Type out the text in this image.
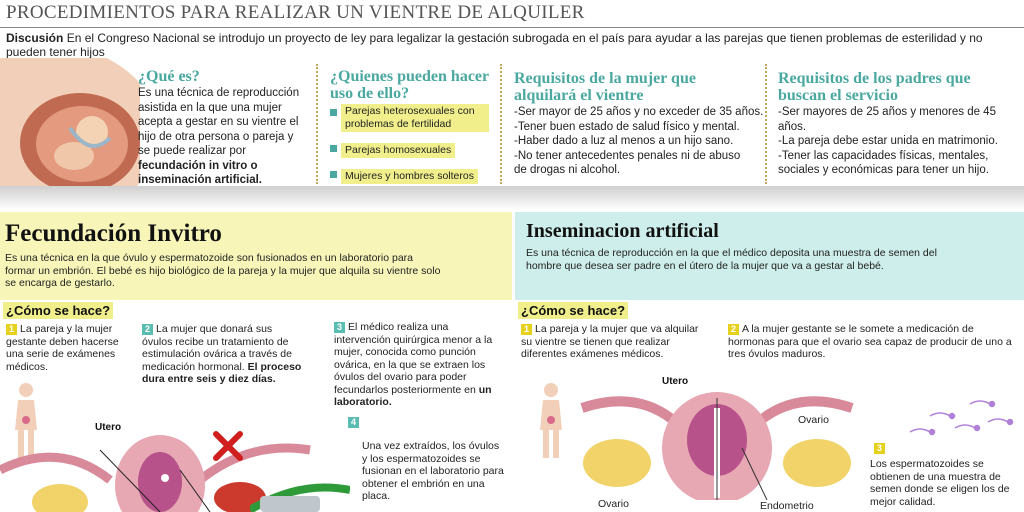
PROCEDIMIENTOS PARA REALIZAR UN VIENTRE DE ALQUILER
Discusión En el Congreso Nacional se introdujo un proyecto de ley para legalizar la gestación subrogada en el país para ayudar a las parejas que tienen problemas de esterilidad y no pueden tener hijos
¿Qué es?
Es una técnica de reproducción asistida en la que una mujer acepta a gestar en su vientre el hijo de otra persona o pareja y se puede realizar por fecundación in vitro o inseminación artificial.
¿Quienes pueden hacer uso de ello?
Parejas heterosexuales con problemas de fertilidad
Parejas homosexuales
Mujeres y hombres solteros
Requisitos de la mujer que alquilará el vientre
-Ser mayor de 25 años y no exceder de 35 años.
-Tener buen estado de salud físico y mental.
-Haber dado a luz al menos a un hijo sano.
-No tener antecedentes penales ni de abuso de drogas ni alcohol.
Requisitos de los padres que buscan el servicio
-Ser mayores de 25 años y menores de 45 años.
-La pareja debe estar unida en matrimonio.
-Tener las capacidades físicas, mentales, sociales y económicas para tener un hijo.
Fecundación Invitro
Es una técnica en la que óvulo y espermatozoide son fusionados en un laboratorio para formar un embrión. El bebé es hijo biológico de la pareja y la mujer que alquila su vientre solo se encarga de gestarlo.
¿Cómo se hace?
1 La pareja y la mujer gestante deben hacerse una serie de exámenes médicos.
2 La mujer que donará sus óvulos recibe un tratamiento de estimulación ovárica a través de medicación hormonal. El proceso dura entre seis y diez días.
3 El médico realiza una intervención quirúrgica menor a la mujer, conocida como punción ovárica, en la que se extraen los óvulos del ovario para poder fecundarlos posteriormente en un laboratorio.
4
Una vez extraídos, los óvulos y los espermatozoides se fusionan en el laboratorio para obtener el embrión en una placa.
Utero
Inseminacion artificial
Es una técnica de reproducción en la que el médico deposita una muestra de semen del hombre que desea ser padre en el útero de la mujer que va a gestar al bebé.
¿Cómo se hace?
1 La pareja y la mujer que va alquilar su vientre se tienen que realizar diferentes exámenes médicos.
2 A la mujer gestante se le somete a medicación de hormonas para que el ovario sea capaz de producir de uno a tres óvulos maduros.
3
Los espermatozoides se obtienen de una muestra de semen donde se eligen los de mejor calidad.
Utero
Ovario
Ovario	Endometrio
